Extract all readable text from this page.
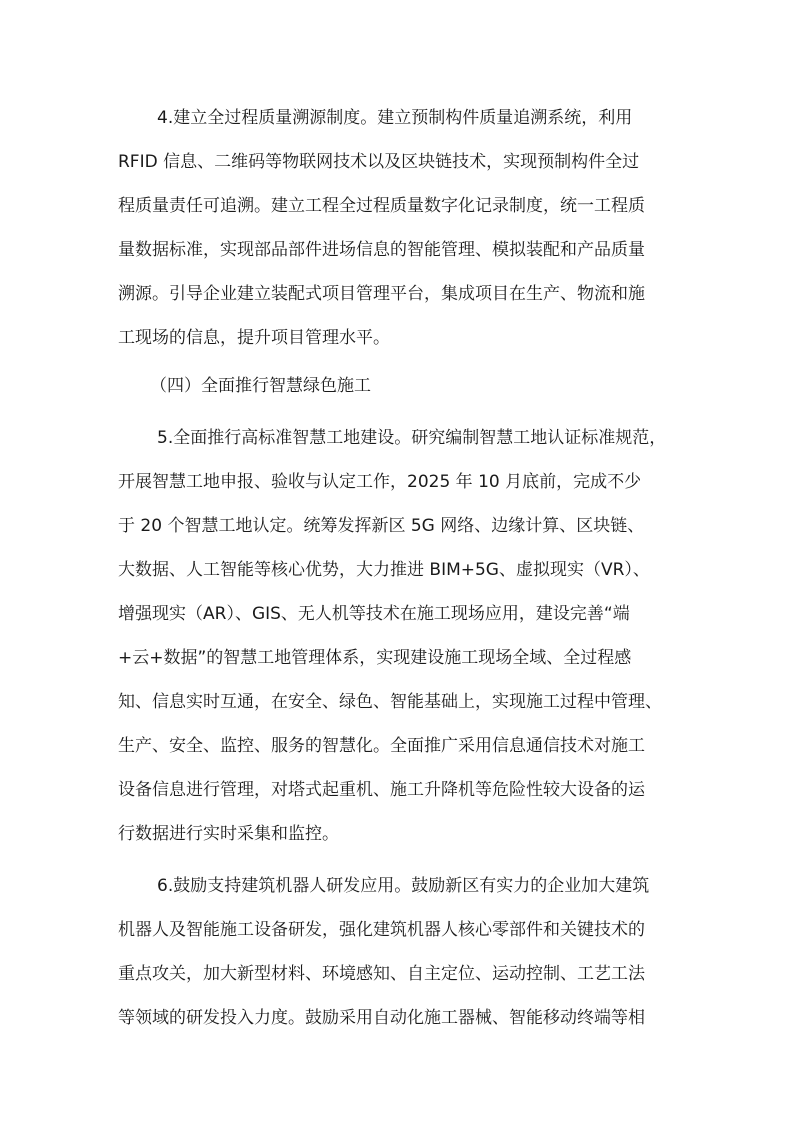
4.建立全过程质量溯源制度。建立预制构件质量追溯系统，利用

RFID 信息、二维码等物联网技术以及区块链技术，实现预制构件全过

程质量责任可追溯。建立工程全过程质量数字化记录制度，统一工程质

量数据标准，实现部品部件进场信息的智能管理、模拟装配和产品质量

溯源。引导企业建立装配式项目管理平台，集成项目在生产、物流和施

工现场的信息，提升项目管理水平。

（四）全面推行智慧绿色施工

5.全面推行高标准智慧工地建设。研究编制智慧工地认证标准规范，

开展智慧工地申报、验收与认定工作，2025 年 10 月底前，完成不少

于 20 个智慧工地认定。统筹发挥新区 5G 网络、边缘计算、区块链、

大数据、人工智能等核心优势，大力推进 BIM+5G、虚拟现实（VR）、

增强现实（AR）、GIS、无人机等技术在施工现场应用，建设完善“端

+云+数据”的智慧工地管理体系，实现建设施工现场全域、全过程感

知、信息实时互通，在安全、绿色、智能基础上，实现施工过程中管理、

生产、安全、监控、服务的智慧化。全面推广采用信息通信技术对施工

设备信息进行管理，对塔式起重机、施工升降机等危险性较大设备的运

行数据进行实时采集和监控。

6.鼓励支持建筑机器人研发应用。鼓励新区有实力的企业加大建筑

机器人及智能施工设备研发，强化建筑机器人核心零部件和关键技术的

重点攻关，加大新型材料、环境感知、自主定位、运动控制、工艺工法

等领域的研发投入力度。鼓励采用自动化施工器械、智能移动终端等相
